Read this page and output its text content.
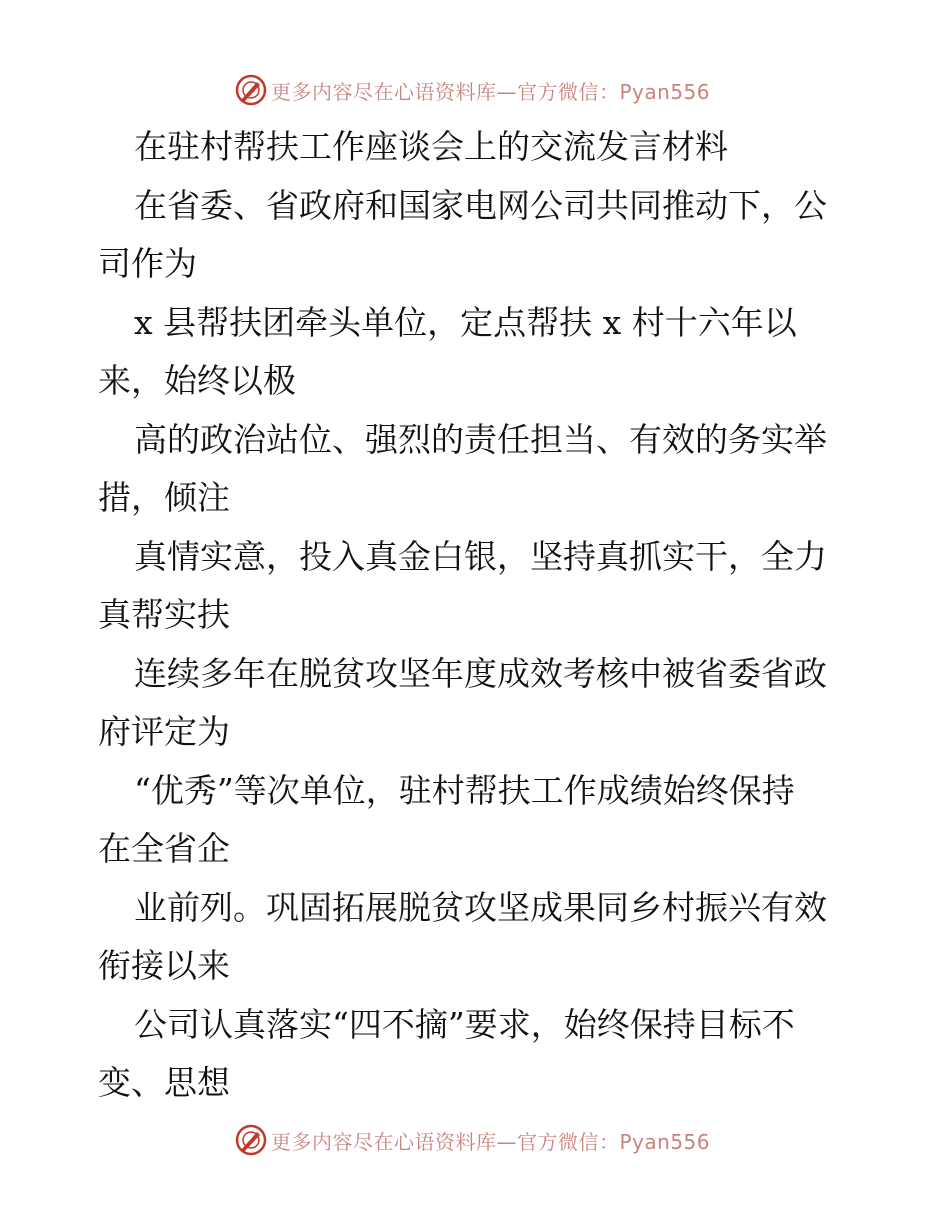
更多内容尽在心语资料库—官方微信：Pyan556
在驻村帮扶工作座谈会上的交流发言材料
在省委、省政府和国家电网公司共同推动下，公
司作为
x 县帮扶团牵头单位，定点帮扶 x 村十六年以
来，始终以极
高的政治站位、强烈的责任担当、有效的务实举
措，倾注
真情实意，投入真金白银，坚持真抓实干，全力
真帮实扶
连续多年在脱贫攻坚年度成效考核中被省委省政
府评定为
“优秀”等次单位，驻村帮扶工作成绩始终保持
在全省企
业前列。巩固拓展脱贫攻坚成果同乡村振兴有效
衔接以来
公司认真落实“四不摘”要求，始终保持目标不
变、思想
更多内容尽在心语资料库—官方微信：Pyan556
